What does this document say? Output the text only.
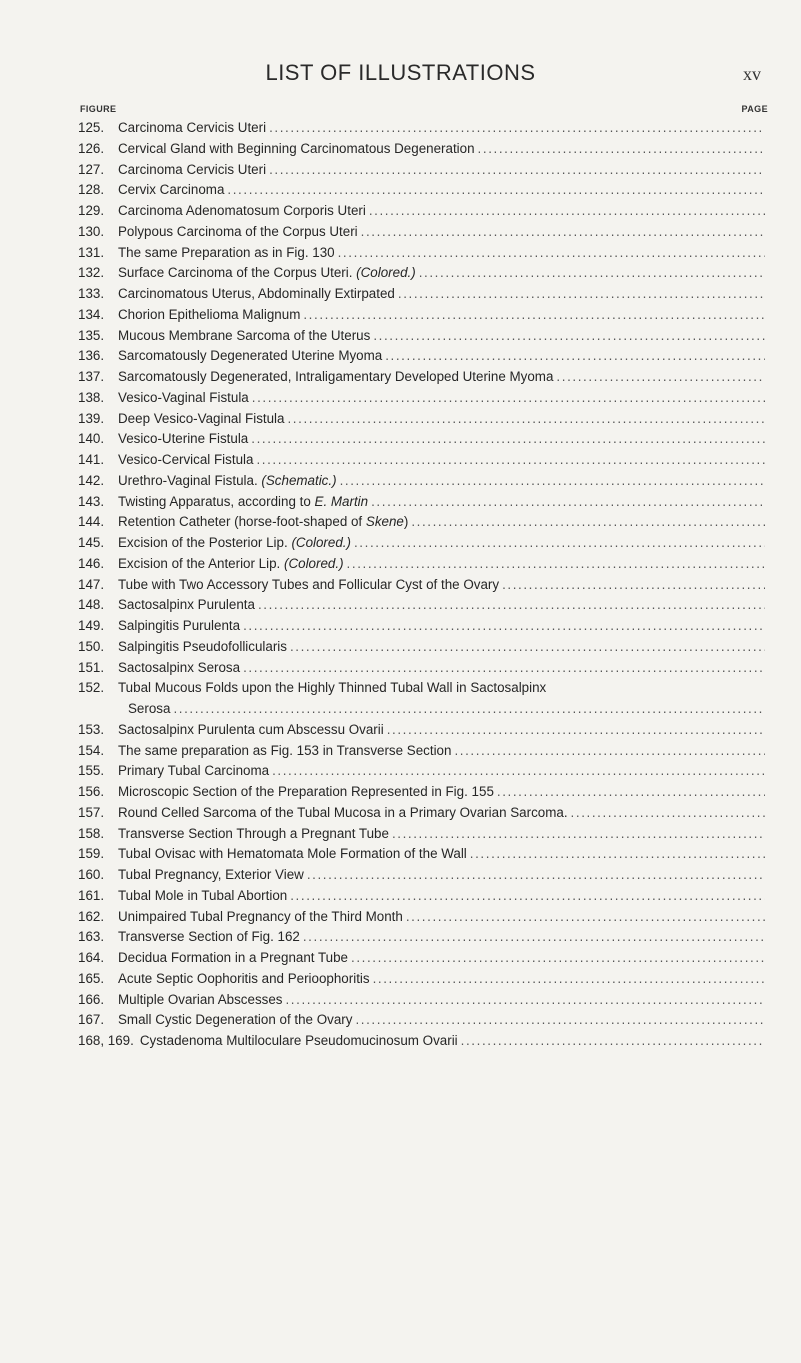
LIST OF ILLUSTRATIONS	xv
FIGURE	PAGE
125.	Carcinoma Cervicis Uteri
.....
126.	Cervical Gland with Beginning Carcinomatous Degeneration
.....
127.	Carcinoma Cervicis Uteri
.....
128.	Cervix Carcinoma
.....
129.	Carcinoma Adenomatosum Corporis Uteri
.....
130.	Polypous Carcinoma of the Corpus Uteri
.....
131.	The same Preparation as in Fig. 130
.....
132.	Surface Carcinoma of the Corpus Uteri. (Colored.)
.....
133.	Carcinomatous Uterus, Abdominally Extirpated
.....
134.	Chorion Epithelioma Malignum
.....
135.	Mucous Membrane Sarcoma of the Uterus
.....
136.	Sarcomatously Degenerated Uterine Myoma
.....
137.	Sarcomatously Degenerated, Intraligamentary Developed Uterine Myoma
.....
138.	Vesico-Vaginal Fistula
.....
139.	Deep Vesico-Vaginal Fistula
.....
140.	Vesico-Uterine Fistula
.....
141.	Vesico-Cervical Fistula
.....
142.	Urethro-Vaginal Fistula. (Schematic.)
.....
143.	Twisting Apparatus, according to E. Martin
.....
144.	Retention Catheter (horse-foot-shaped of Skene)
.....
145.	Excision of the Posterior Lip. (Colored.)
.....
146.	Excision of the Anterior Lip. (Colored.)
.....
147.	Tube with Two Accessory Tubes and Follicular Cyst of the Ovary
.....
148.	Sactosalpinx Purulenta
.....
149.	Salpingitis Purulenta
.....
150.	Salpingitis Pseudofollicularis
.....
151.	Sactosalpinx Serosa
.....
152.	Tubal Mucous Folds upon the Highly Thinned Tubal Wall in Sactosalpinx
Serosa
.....
153.	Sactosalpinx Purulenta cum Abscessu Ovarii
.....
154.	The same preparation as Fig. 153 in Transverse Section
.....
155.	Primary Tubal Carcinoma
.....
156.	Microscopic Section of the Preparation Represented in Fig. 155
.....
157.	Round Celled Sarcoma of the Tubal Mucosa in a Primary Ovarian Sarcoma.
.....
158.	Transverse Section Through a Pregnant Tube
.....
159.	Tubal Ovisac with Hematomata Mole Formation of the Wall
.....
160.	Tubal Pregnancy, Exterior View
.....
161.	Tubal Mole in Tubal Abortion
.....
162.	Unimpaired Tubal Pregnancy of the Third Month
.....
163.	Transverse Section of Fig. 162
.....
164.	Decidua Formation in a Pregnant Tube
.....
165.	Acute Septic Oophoritis and Perioophoritis
.....
166.	Multiple Ovarian Abscesses
.....
167.	Small Cystic Degeneration of the Ovary
.....
168, 169. Cystadenoma Multiloculare Pseudomucinosum Ovarii
.....
